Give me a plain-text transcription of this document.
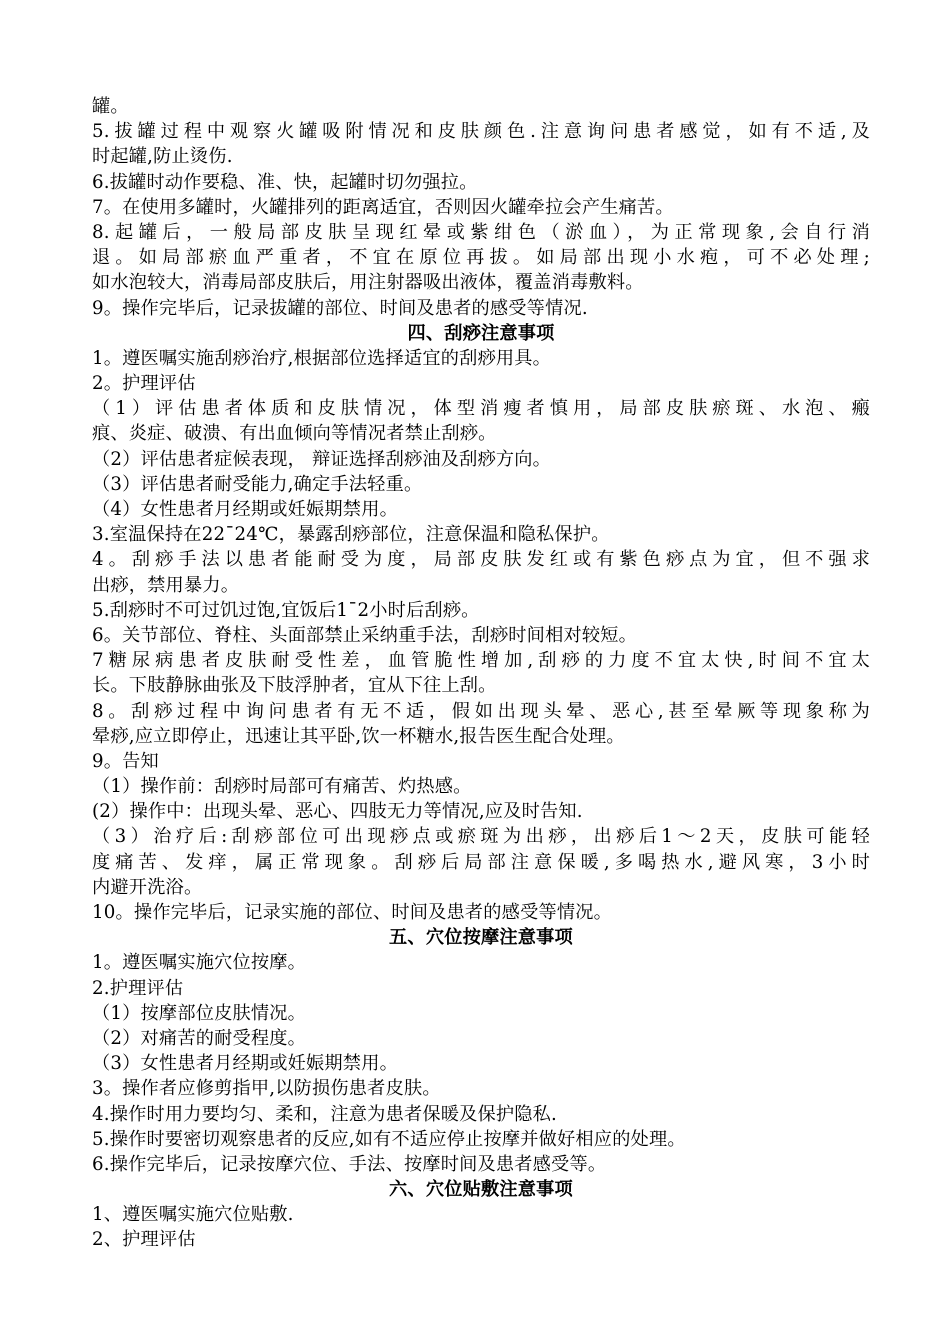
罐。
5.拔罐过程中观察火罐吸附情况和皮肤颜色.注意询问患者感觉，如有不适,及
时起罐,防止烫伤.
6.拔罐时动作要稳、准、快，起罐时切勿强拉。
7。在使用多罐时，火罐排列的距离适宜，否则因火罐牵拉会产生痛苦。
8.起罐后，一般局部皮肤呈现红晕或紫绀色（淤血），为正常现象,会自行消
退。如局部瘀血严重者，不宜在原位再拔。如局部出现小水疱，可不必处理;
如水泡较大，消毒局部皮肤后，用注射器吸出液体，覆盖消毒敷料。
9。操作完毕后，记录拔罐的部位、时间及患者的感受等情况.
四、刮痧注意事项
1。遵医嘱实施刮痧治疗,根据部位选择适宜的刮痧用具。
2。护理评估
（1）评估患者体质和皮肤情况，体型消瘦者慎用，局部皮肤瘀斑、水泡、瘢
痕、炎症、破溃、有出血倾向等情况者禁止刮痧。
（2）评估患者症候表现， 辩证选择刮痧油及刮痧方向。
（3）评估患者耐受能力,确定手法轻重。
（4）女性患者月经期或妊娠期禁用。
3.室温保持在22¯24℃，暴露刮痧部位，注意保温和隐私保护。
4。刮痧手法以患者能耐受为度，局部皮肤发红或有紫色痧点为宜，但不强求
出痧，禁用暴力。
5.刮痧时不可过饥过饱,宜饭后1¯2小时后刮痧。
6。关节部位、脊柱、头面部禁止采纳重手法，刮痧时间相对较短。
7糖尿病患者皮肤耐受性差，血管脆性增加,刮痧的力度不宜太快,时间不宜太
长。下肢静脉曲张及下肢浮肿者，宜从下往上刮。
8。刮痧过程中询问患者有无不适，假如出现头晕、恶心,甚至晕厥等现象称为
晕痧,应立即停止，迅速让其平卧,饮一杯糖水,报告医生配合处理。
9。告知
（1）操作前：刮痧时局部可有痛苦、灼热感。
(2）操作中：出现头晕、恶心、四肢无力等情况,应及时告知.
（3）治疗后:刮痧部位可出现痧点或瘀斑为出痧，出痧后1～2天，皮肤可能轻
度痛苦、发痒，属正常现象。刮痧后局部注意保暖,多喝热水,避风寒，3小时
内避开洗浴。
10。操作完毕后，记录实施的部位、时间及患者的感受等情况。
五、穴位按摩注意事项
1。遵医嘱实施穴位按摩。
2.护理评估
（1）按摩部位皮肤情况。
（2）对痛苦的耐受程度。
（3）女性患者月经期或妊娠期禁用。
3。操作者应修剪指甲,以防损伤患者皮肤。
4.操作时用力要均匀、柔和，注意为患者保暖及保护隐私.
5.操作时要密切观察患者的反应,如有不适应停止按摩并做好相应的处理。
6.操作完毕后，记录按摩穴位、手法、按摩时间及患者感受等。
六、穴位贴敷注意事项
1、遵医嘱实施穴位贴敷.
2、护理评估
